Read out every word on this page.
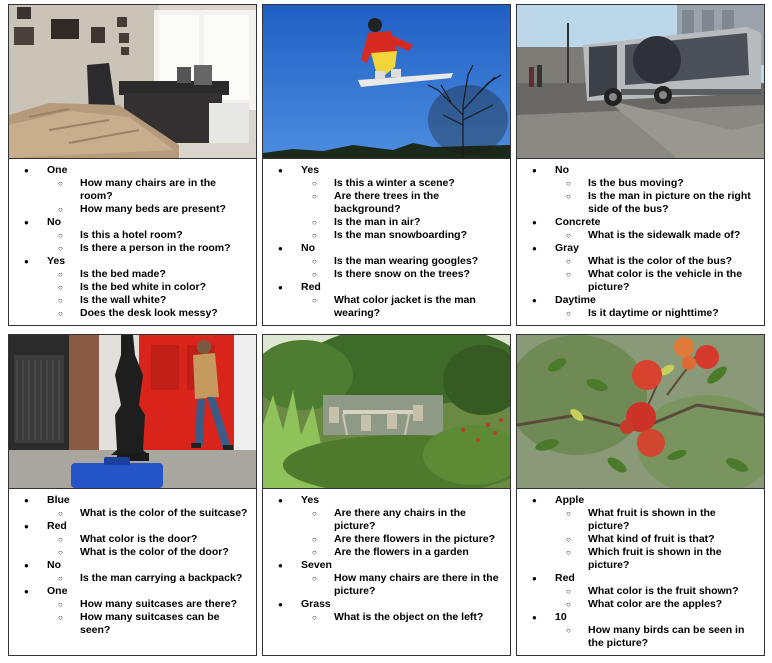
● One
○ How many chairs are in the room?
○ How many beds are present?
● No
○ Is this a hotel room?
○ Is there a person in the room?
● Yes
○ Is the bed made?
○ Is the bed white in color?
○ Is the wall white?
○ Does the desk look messy?
● Yes
○ Is this a winter a scene?
○ Are there trees in the background?
○ Is the man in air?
○ Is the man snowboarding?
● No
○ Is the man wearing googles?
○ Is there snow on the trees?
● Red
○ What color jacket is the man wearing?
● No
○ Is the bus moving?
○ Is the man in picture on the right side of the bus?
● Concrete
○ What is the sidewalk made of?
● Gray
○ What is the color of the bus?
○ What color is the vehicle in the picture?
● Daytime
○ Is it daytime or nighttime?
● Blue
○ What is the color of the suitcase?
● Red
○ What color is the door?
○ What is the color of the door?
● No
○ Is the man carrying a backpack?
● One
○ How many suitcases are there?
○ How many suitcases can be seen?
● Yes
○ Are there any chairs in the picture?
○ Are there flowers in the picture?
○ Are the flowers in a garden
● Seven
○ How many chairs are there in the picture?
● Grass
○ What is the object on the left?
● Apple
○ What fruit is shown in the picture?
○ What kind of fruit is that?
○ Which fruit is shown in the picture?
● Red
○ What color is the fruit shown?
○ What color are the apples?
● 10
○ How many birds can be seen in the picture?
